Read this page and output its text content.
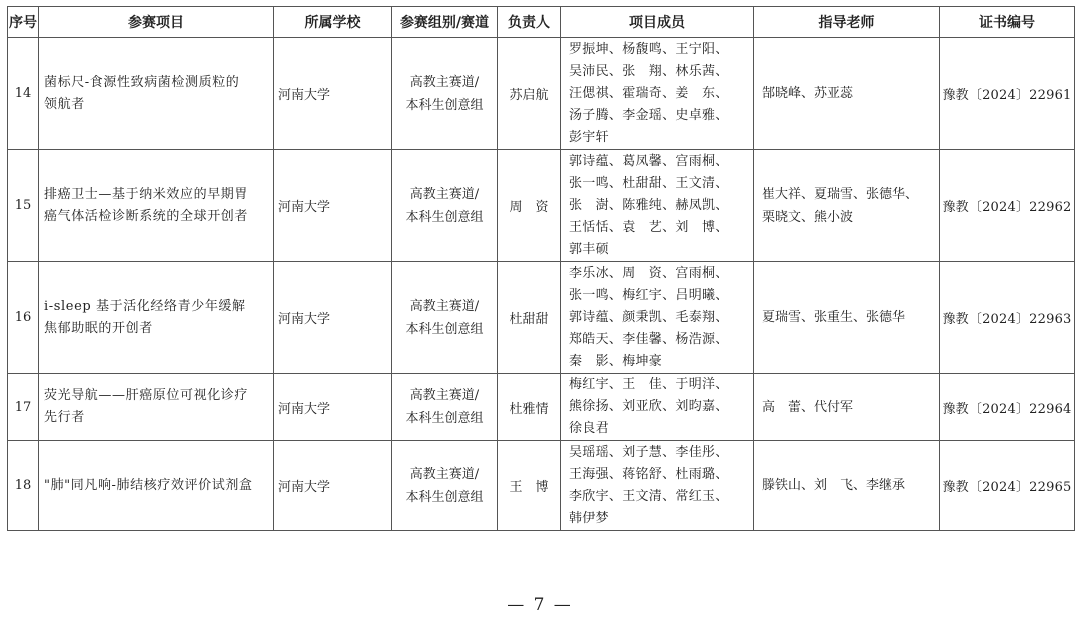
序号	参赛项目	所属学校	参赛组别/赛道	负责人	项目成员	指导老师	证书编号
14	菌标尺-食源性致病菌检测质粒的
领航者	河南大学	高教主赛道/
本科生创意组	苏启航	罗振坤、杨馥鸣、王宁阳、
吴沛民、张　翔、林乐茜、
汪偲祺、霍瑞奇、姜　东、
汤子腾、李金瑶、史卓雅、
彭宇轩	郜晓峰、苏亚蕊	豫教〔2024〕22961
15	排癌卫士—基于纳米效应的早期胃
癌气体活检诊断系统的全球开创者	河南大学	高教主赛道/
本科生创意组	周　资	郭诗蕴、葛凤馨、宫雨桐、
张一鸣、杜甜甜、王文清、
张　澍、陈雅纯、赫凤凯、
王恬恬、袁　艺、刘　博、
郭丰硕	崔大祥、夏瑞雪、张德华、
栗晓文、熊小波	豫教〔2024〕22962
16	i-sleep 基于活化经络青少年缓解
焦郁助眠的开创者	河南大学	高教主赛道/
本科生创意组	杜甜甜	李乐冰、周　资、宫雨桐、
张一鸣、梅红宇、吕明曦、
郭诗蕴、颜秉凯、毛泰翔、
郑皓天、李佳馨、杨浩源、
秦　影、梅坤豪	夏瑞雪、张重生、张德华	豫教〔2024〕22963
17	荧光导航——肝癌原位可视化诊疗
先行者	河南大学	高教主赛道/
本科生创意组	杜雅情	梅红宇、王　佳、于明洋、
熊徐扬、刘亚欣、刘昀嘉、
徐良君	高　蕾、代付军	豫教〔2024〕22964
18	"肺"同凡响-肺结核疗效评价试剂盒	河南大学	高教主赛道/
本科生创意组	王　博	吴瑶瑶、刘子慧、李佳彤、
王海强、蒋铭舒、杜雨璐、
李欣宇、王文清、常红玉、
韩伊梦	滕铁山、刘　飞、李继承	豫教〔2024〕22965
— 7 —
